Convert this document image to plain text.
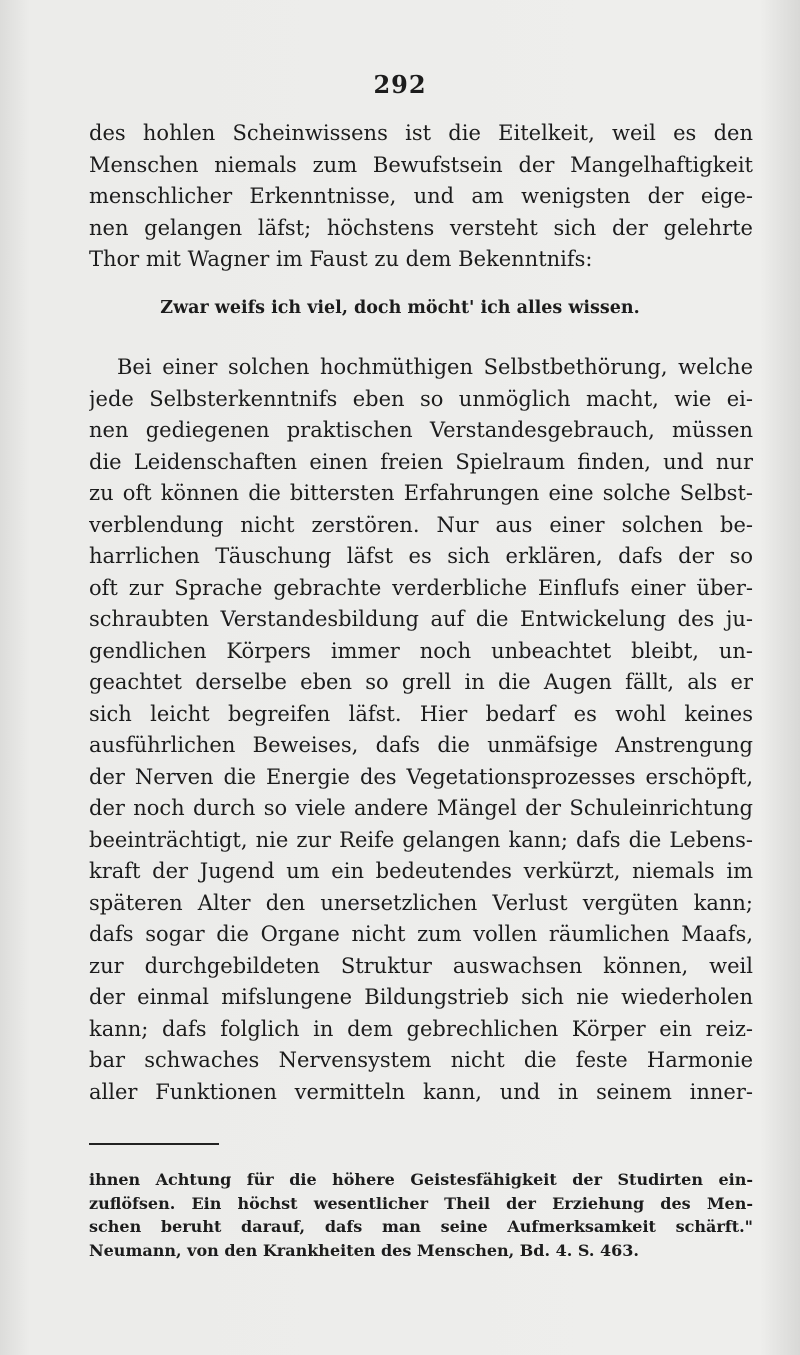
292
des hohlen Scheinwissens ist die Eitelkeit, weil es den
Menschen niemals zum Bewufstsein der Mangelhaftigkeit
menschlicher Erkenntnisse, und am wenigsten der eige-
nen gelangen läfst; höchstens versteht sich der gelehrte
Thor mit Wagner im Faust zu dem Bekenntnifs:
Zwar weifs ich viel, doch möcht' ich alles wissen.
Bei einer solchen hochmüthigen Selbstbethörung, welche
jede Selbsterkenntnifs eben so unmöglich macht, wie ei-
nen gediegenen praktischen Verstandesgebrauch, müssen
die Leidenschaften einen freien Spielraum finden, und nur
zu oft können die bittersten Erfahrungen eine solche Selbst-
verblendung nicht zerstören. Nur aus einer solchen be-
harrlichen Täuschung läfst es sich erklären, dafs der so
oft zur Sprache gebrachte verderbliche Einflufs einer über-
schraubten Verstandesbildung auf die Entwickelung des ju-
gendlichen Körpers immer noch unbeachtet bleibt, un-
geachtet derselbe eben so grell in die Augen fällt, als er
sich leicht begreifen läfst. Hier bedarf es wohl keines
ausführlichen Beweises, dafs die unmäfsige Anstrengung
der Nerven die Energie des Vegetationsprozesses erschöpft,
der noch durch so viele andere Mängel der Schuleinrichtung
beeinträchtigt, nie zur Reife gelangen kann; dafs die Lebens-
kraft der Jugend um ein bedeutendes verkürzt, niemals im
späteren Alter den unersetzlichen Verlust vergüten kann;
dafs sogar die Organe nicht zum vollen räumlichen Maafs,
zur durchgebildeten Struktur auswachsen können, weil
der einmal mifslungene Bildungstrieb sich nie wiederholen
kann; dafs folglich in dem gebrechlichen Körper ein reiz-
bar schwaches Nervensystem nicht die feste Harmonie
aller Funktionen vermitteln kann, und in seinem inner-
ihnen Achtung für die höhere Geistesfähigkeit der Studirten ein-
zuflöfsen. Ein höchst wesentlicher Theil der Erziehung des Men-
schen beruht darauf, dafs man seine Aufmerksamkeit schärft."
Neumann, von den Krankheiten des Menschen, Bd. 4. S. 463.
